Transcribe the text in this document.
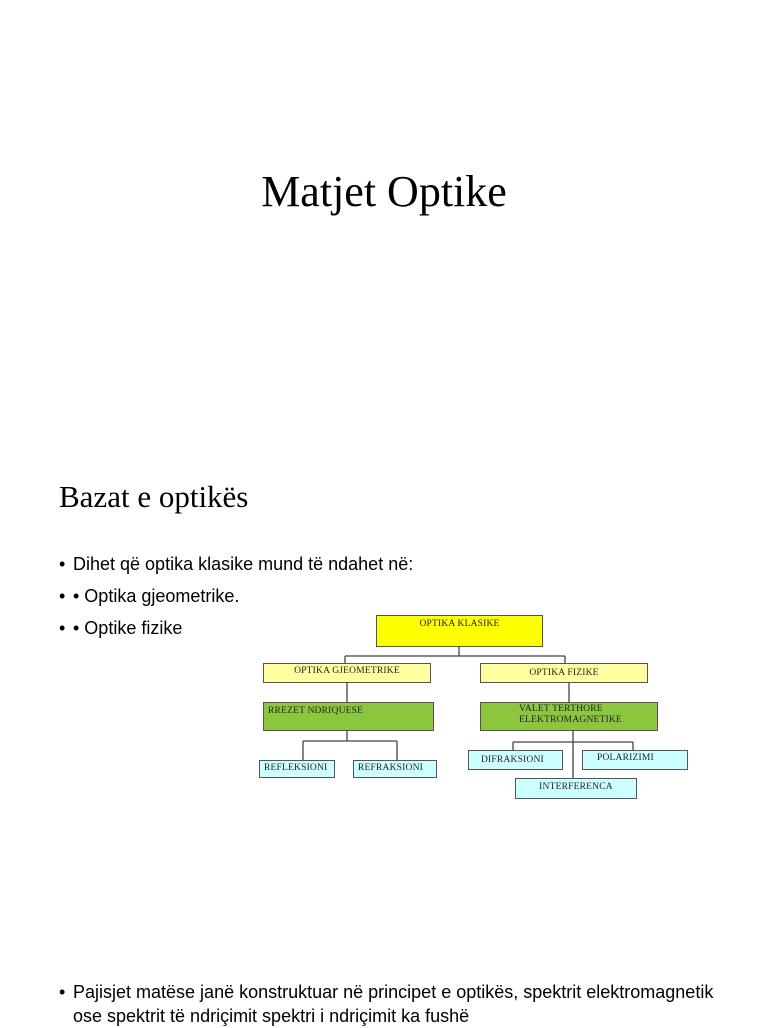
Matjet Optike
Bazat e optikës
• Dihet që optika klasike mund të ndahet në:
• • Optika gjeometrike.
• • Optike fizike	OPTIKA KLASIKE
OPTIKA GJEOMETRIKE	OPTIKA FIZIKE
RREZET NDRIQUESE	VALET TERTHORE
ELEKTROMAGNETIKE
REFLEKSIONI	REFRAKSIONI
DIFRAKSIONI	POLARIZIMI
INTERFERENCA
• Pajisjet matëse janë konstruktuar në principet e optikës, spektrit elektromagnetik ose spektrit të ndriçimit spektri i ndriçimit ka fushë
